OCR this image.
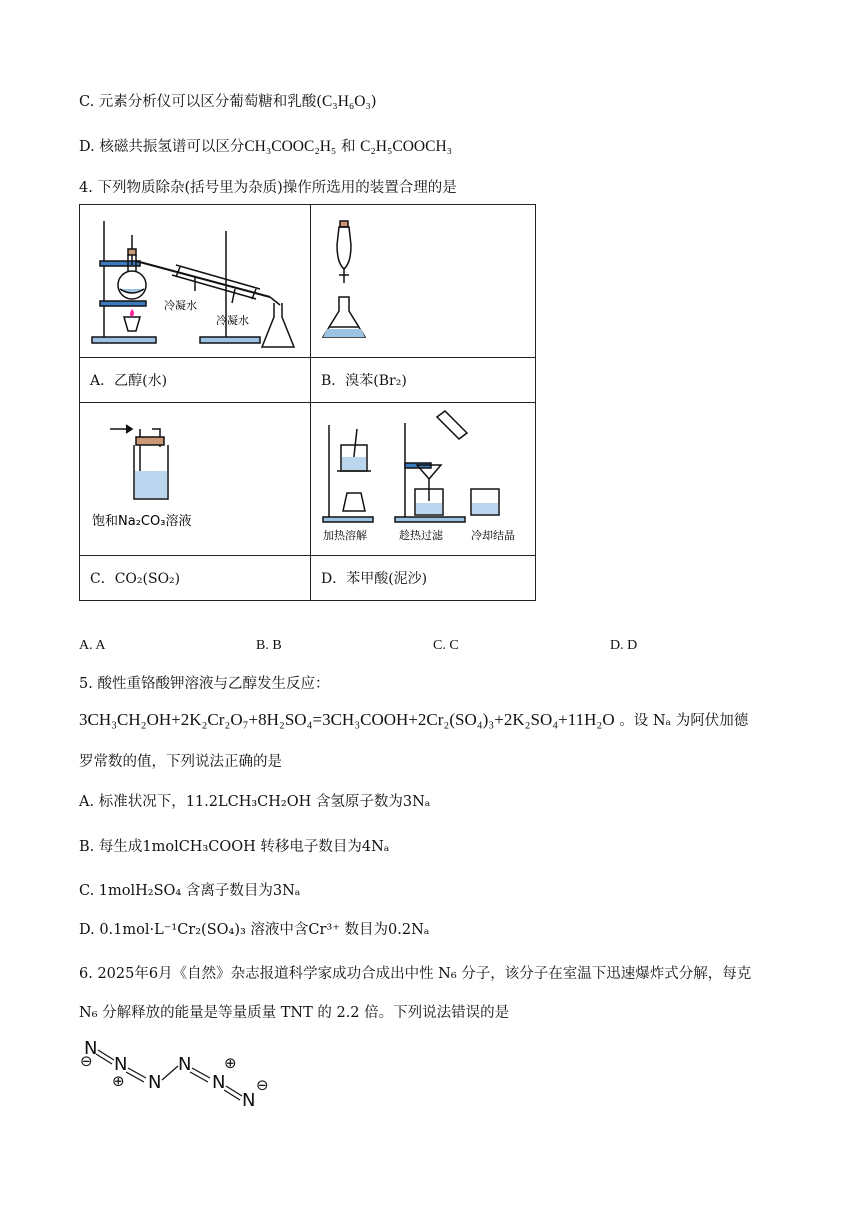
C. 元素分析仪可以区分葡萄糖和乳酸(C₃H₆O₃)
D. 核磁共振氢谱可以区分CH₃COOC₂H₅ 和 C₂H₅COOCH₃
4. 下列物质除杂(括号里为杂质)操作所选用的装置合理的是
冷凝水
冷凝水

A．乙醇(水)	B．溴苯(Br₂)

饱和Na₂CO₃溶液	加热溶解 趁热过滤 冷却结晶

C．CO₂(SO₂)	D．苯甲酸(泥沙)
A. A	B. B	C. C	D. D
5. 酸性重铬酸钾溶液与乙醇发生反应：
3CH₃CH₂OH+2K₂Cr₂O₇+8H₂SO₄=3CH₃COOH+2Cr₂(SO₄)₃+2K₂SO₄+11H₂O 。设 Nₐ 为阿伏加德
罗常数的值，下列说法正确的是
A. 标准状况下，11.2LCH₃CH₂OH 含氢原子数为3Nₐ
B. 每生成1molCH₃COOH 转移电子数目为4Nₐ
C. 1molH₂SO₄ 含离子数目为3Nₐ
D. 0.1mol·L⁻¹Cr₂(SO₄)₃ 溶液中含Cr³⁺ 数目为0.2Nₐ
6. 2025年6月《自然》杂志报道科学家成功合成出中性 N₆ 分子，该分子在室温下迅速爆炸式分解，每克
N₆ 分解释放的能量是等量质量 TNT 的 2.2 倍。下列说法错误的是
N
N
N
N
N
N
⊖
⊕
⊕
⊖
